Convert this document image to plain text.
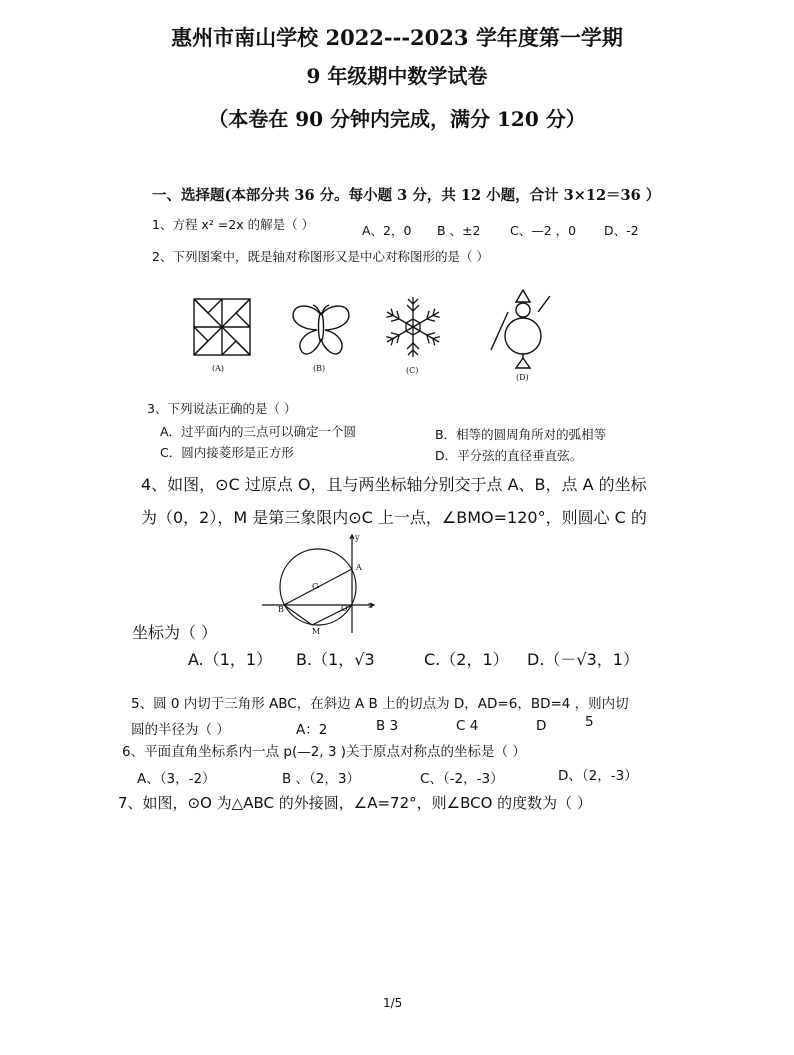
惠州市南山学校 2022---2023 学年度第一学期
9 年级期中数学试卷
（本卷在 90 分钟内完成，满分 120 分）
一、选择题(本部分共 36 分。每小题 3 分，共 12 小题，合计 3×12＝36 ）
1、方程 x² =2x 的解是（ ）	A、2，0 B 、±2 C、—2 ，0 D、-2
2、下列图案中，既是轴对称图形又是中心对称图形的是（ ）
(A)	(B)	(C)
(D)
3、下列说法正确的是（ ）
A．过平面内的三点可以确定一个圆	B．相等的圆周角所对的弧相等
C．圆内接菱形是正方形	D．平分弦的直径垂直弦。
4、如图，⊙C 过原点 O，且与两坐标轴分别交于点 A、B，点 A 的坐标
为（0，2），M 是第三象限内⊙C 上一点，∠BMO=120°，则圆心 C 的
y
x
A
B
C
O
M
坐标为（ ）
A.（1，1） B.（1，√3	C.（2，1） D.（－√3，1）
5、圆 0 内切于三角形 ABC，在斜边 A B 上的切点为 D，AD=6，BD=4 ，则内切
圆的半径为（ ）	A：2	B 3	C 4	D	5
6、平面直角坐标系内一点 p(—2, 3 )关于原点对称点的坐标是（ ）
A、（3，-2）	B 、（2，3）	C、（-2，-3）	D、（2，-3）
7、如图，⊙O 为△ABC 的外接圆，∠A=72°，则∠BCO 的度数为（ ）
1/5
